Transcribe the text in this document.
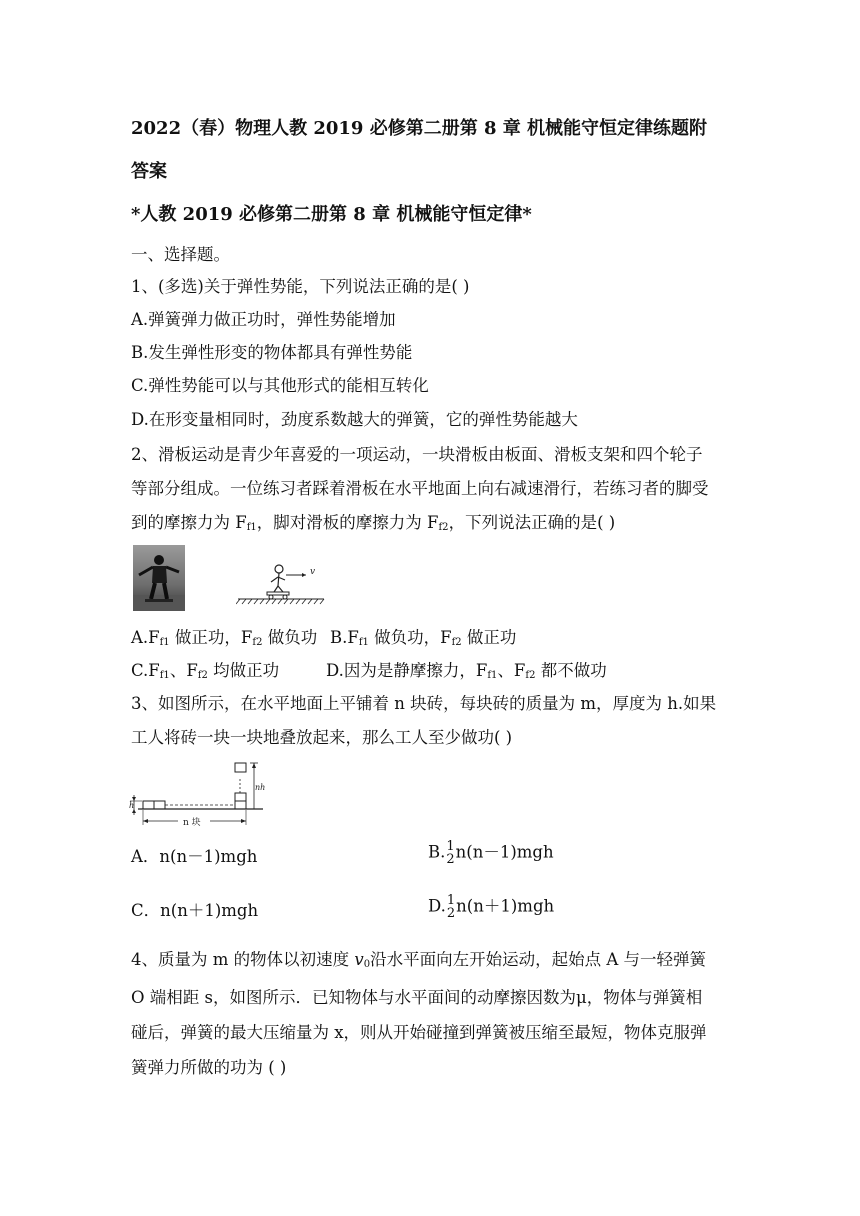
2022（春）物理人教 2019 必修第二册第 8 章 机械能守恒定律练题附
答案
*人教 2019 必修第二册第 8 章 机械能守恒定律*
一、选择题。
1、(多选)关于弹性势能，下列说法正确的是( )
A.弹簧弹力做正功时，弹性势能增加
B.发生弹性形变的物体都具有弹性势能
C.弹性势能可以与其他形式的能相互转化
D.在形变量相同时，劲度系数越大的弹簧，它的弹性势能越大
2、滑板运动是青少年喜爱的一项运动，一块滑板由板面、滑板支架和四个轮子
等部分组成。一位练习者踩着滑板在水平地面上向右减速滑行，若练习者的脚受
到的摩擦力为 $F_{f1}$，脚对滑板的摩擦力为 $F_{f2}$，下列说法正确的是( )
v
$A.F_{f1}$ 做正功，$F_{f2}$ 做负功 $B.F_{f1}$ 做负功，$F_{f2}$ 做正功
$C.F_{f1}$、$F_{f2}$ 均做正功	D.因为是静摩擦力，$F_{f1}$、$F_{f2}$ 都不做功
3、如图所示，在水平地面上平铺着 n 块砖，每块砖的质量为 m，厚度为 h.如果
工人将砖一块一块地叠放起来，那么工人至少做功( )
nh
h
n 块
A．n(n－1)mgh	B. 1
2 n(n－1)mgh
C．n(n＋1)mgh	D. 1
2 n(n＋1)mgh
4、质量为 m 的物体以初速度 $v_0$沿水平面向左开始运动，起始点 A 与一轻弹簧
O 端相距 s，如图所示．已知物体与水平面间的动摩擦因数为μ，物体与弹簧相
碰后，弹簧的最大压缩量为 x，则从开始碰撞到弹簧被压缩至最短，物体克服弹
簧弹力所做的功为 ( )
